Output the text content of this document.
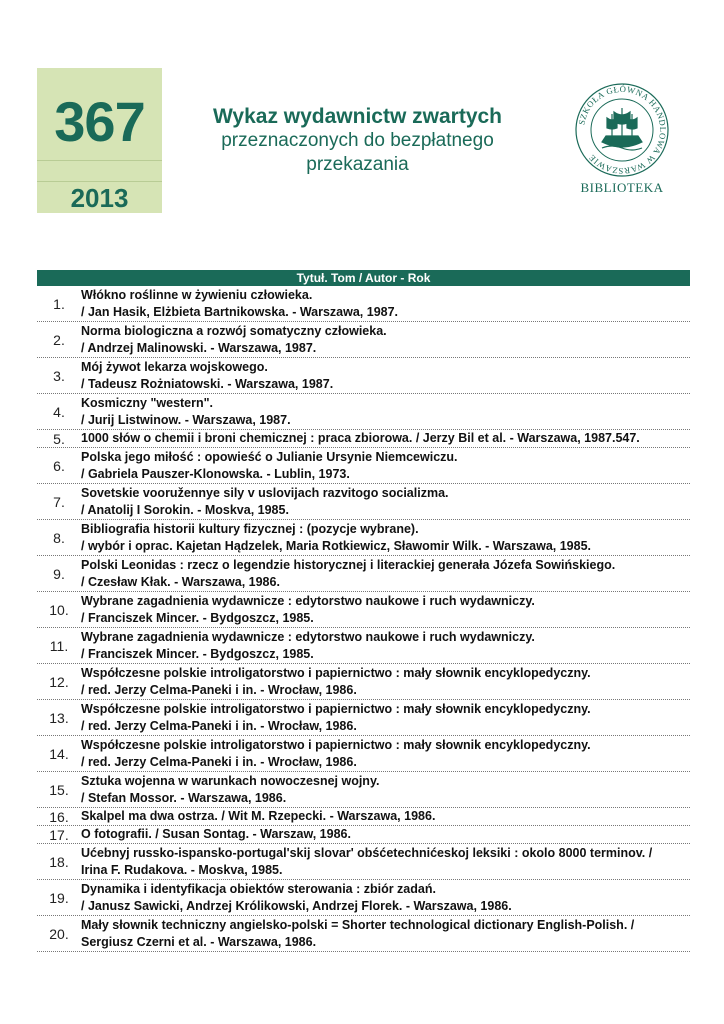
367
2013
Wykaz wydawnictw zwartych
przeznaczonych do bezpłatnego
przekazania
SZKOŁA GŁÓWNA HANDLOWA W WARSZAWIE
BIBLIOTEKA
Tytuł. Tom / Autor - Rok
1.
Włókno roślinne w żywieniu człowieka.
/ Jan Hasik, Elżbieta Bartnikowska. - Warszawa, 1987.
2.
Norma biologiczna a rozwój somatyczny człowieka.
/ Andrzej Malinowski. - Warszawa, 1987.
3.
Mój żywot lekarza wojskowego.
/ Tadeusz Rożniatowski. - Warszawa, 1987.
4.
Kosmiczny "western".
/ Jurij Listwinow. - Warszawa, 1987.
5.	1000 słów o chemii i broni chemicznej : praca zbiorowa. / Jerzy Bil et al. - Warszawa, 1987.547.
6.
Polska jego miłość : opowieść o Julianie Ursynie Niemcewiczu.
/ Gabriela Pauszer-Klonowska. - Lublin, 1973.
7.
Sovetskie vooružennye sily v uslovijach razvitogo socializma.
/ Anatolij I Sorokin. - Moskva, 1985.
8.
Bibliografia historii kultury fizycznej : (pozycje wybrane).
/ wybór i oprac. Kajetan Hądzelek, Maria Rotkiewicz, Sławomir Wilk. - Warszawa, 1985.
9.
Polski Leonidas : rzecz o legendzie historycznej i literackiej generała Józefa Sowińskiego.
/ Czesław Kłak. - Warszawa, 1986.
10.
Wybrane zagadnienia wydawnicze : edytorstwo naukowe i ruch wydawniczy.
/ Franciszek Mincer. - Bydgoszcz, 1985.
11.
Wybrane zagadnienia wydawnicze : edytorstwo naukowe i ruch wydawniczy.
/ Franciszek Mincer. - Bydgoszcz, 1985.
12.
Współczesne polskie introligatorstwo i papiernictwo : mały słownik encyklopedyczny.
/ red. Jerzy Celma-Paneki i in. - Wrocław, 1986.
13.
Współczesne polskie introligatorstwo i papiernictwo : mały słownik encyklopedyczny.
/ red. Jerzy Celma-Paneki i in. - Wrocław, 1986.
14.
Współczesne polskie introligatorstwo i papiernictwo : mały słownik encyklopedyczny.
/ red. Jerzy Celma-Paneki i in. - Wrocław, 1986.
15.
Sztuka wojenna w warunkach nowoczesnej wojny.
/ Stefan Mossor. - Warszawa, 1986.
16. Skalpel ma dwa ostrza. / Wit M. Rzepecki. - Warszawa, 1986.
17. O fotografii. / Susan Sontag. - Warszaw, 1986.
18.
Ućebnyj russko-ispansko-portugal'skij slovar' obśćetechnićeskoj leksiki : okolo 8000 terminov. /
Irina F. Rudakova. - Moskva, 1985.
19.
Dynamika i identyfikacja obiektów sterowania : zbiór zadań.
/ Janusz Sawicki, Andrzej Królikowski, Andrzej Florek. - Warszawa, 1986.
20.
Mały słownik techniczny angielsko-polski = Shorter technological dictionary English-Polish. /
Sergiusz Czerni et al. - Warszawa, 1986.
